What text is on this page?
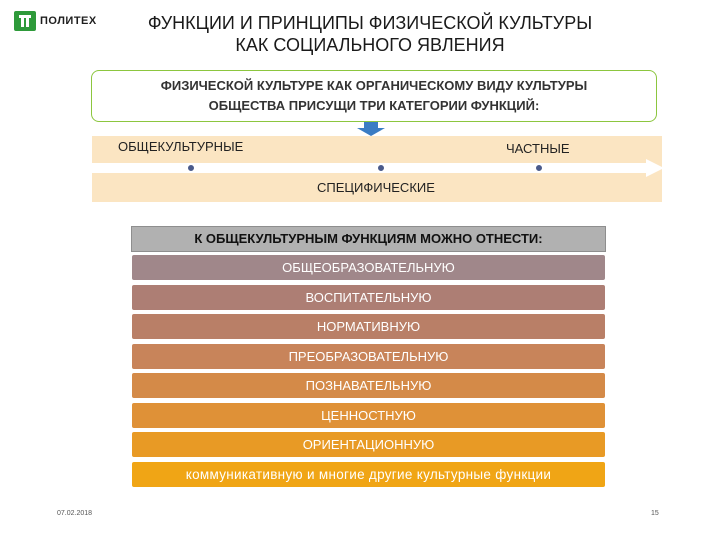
ПОЛИТЕХ	ФУНКЦИИ И ПРИНЦИПЫ ФИЗИЧЕСКОЙ КУЛЬТУРЫ
КАК СОЦИАЛЬНОГО ЯВЛЕНИЯ
ФИЗИЧЕСКОЙ КУЛЬТУРЕ КАК ОРГАНИЧЕСКОМУ ВИДУ КУЛЬТУРЫ
ОБЩЕСТВА ПРИСУЩИ ТРИ КАТЕГОРИИ ФУНКЦИЙ:
ОБЩЕКУЛЬТУРНЫЕ	ЧАСТНЫЕ
СПЕЦИФИЧЕСКИЕ
К ОБЩЕКУЛЬТУРНЫМ ФУНКЦИЯМ МОЖНО ОТНЕСТИ:
ОБЩЕОБРАЗОВАТЕЛЬНУЮ
ВОСПИТАТЕЛЬНУЮ
НОРМАТИВНУЮ
ПРЕОБРАЗОВАТЕЛЬНУЮ
ПОЗНАВАТЕЛЬНУЮ
ЦЕННОСТНУЮ
ОРИЕНТАЦИОННУЮ
коммуникативную и многие другие культурные функции
07.02.2018	15
